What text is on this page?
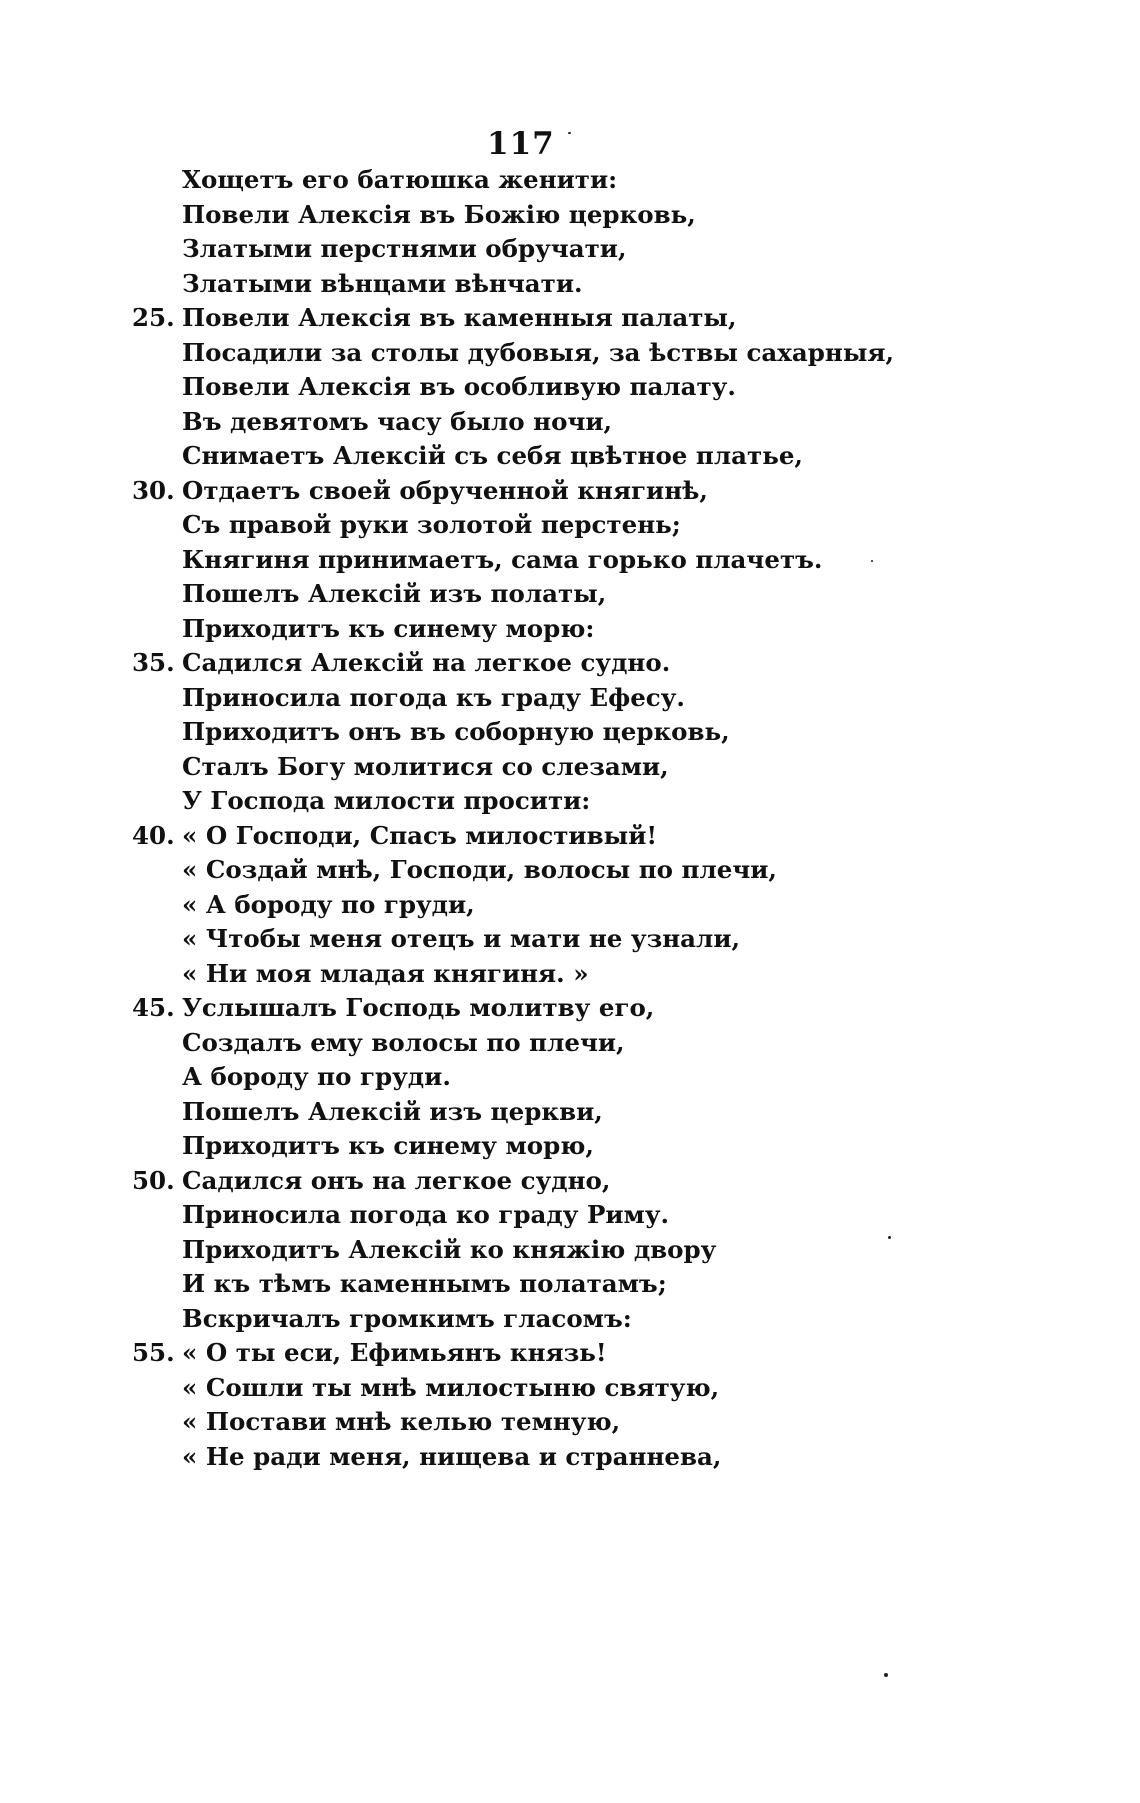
117
Хощетъ его батюшка женити:
Повели Алексія въ Божію церковь,
Златыми перстнями обручати,
Златыми вѣнцами вѣнчати.
25. Повели Алексія въ каменныя палаты,
Посадили за столы дубовыя, за ѣствы сахарныя,
Повели Алексія въ особливую палату.
Въ девятомъ часу было ночи,
Снимаетъ Алексій съ себя цвѣтное платье,
30. Отдаетъ своей обрученной княгинѣ,
Съ правой руки золотой перстень;
Княгиня принимаетъ, сама горько плачетъ.
Пошелъ Алексій изъ полаты,
Приходитъ къ синему морю:
35. Садился Алексій на легкое судно.
Приносила погода къ граду Ефесу.
Приходитъ онъ въ соборную церковь,
Сталъ Богу молитися со слезами,
У Господа милости просити:
40. « О Господи, Спасъ милостивый!
« Создай мнѣ, Господи, волосы по плечи,
« А бороду по груди,
« Чтобы меня отецъ и мати не узнали,
« Ни моя младая княгиня. »
45. Услышалъ Господь молитву его,
Создалъ ему волосы по плечи,
А бороду по груди.
Пошелъ Алексій изъ церкви,
Приходитъ къ синему морю,
50. Садился онъ на легкое судно,
Приносила погода ко граду Риму.
Приходитъ Алексій ко княжію двору
И къ тѣмъ каменнымъ полатамъ;
Вскричалъ громкимъ гласомъ:
55. « О ты еси, Ефимьянъ князь!
« Сошли ты мнѣ милостыню святую,
« Постави мнѣ келью темную,
« Не ради меня, нищева и страннева,
